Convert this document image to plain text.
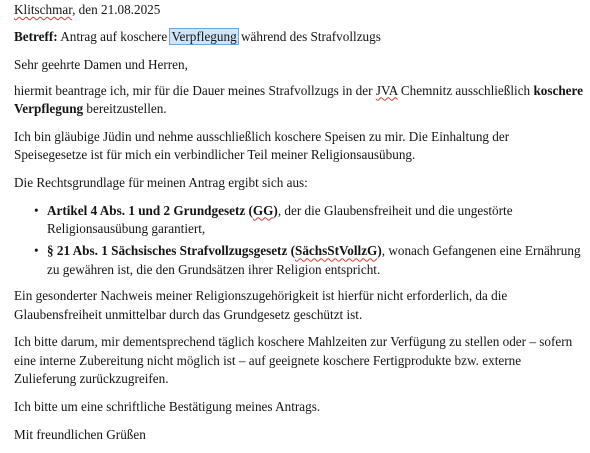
Klitschmar, den 21.08.2025

Betreff: Antrag auf koschere Verpflegung während des Strafvollzugs

Sehr geehrte Damen und Herren,

hiermit beantrage ich, mir für die Dauer meines Strafvollzugs in der JVA Chemnitz ausschließlich koschere Verpflegung bereitzustellen.

Ich bin gläubige Jüdin und nehme ausschließlich koschere Speisen zu mir. Die Einhaltung der Speisegesetze ist für mich ein verbindlicher Teil meiner Religionsausübung.

Die Rechtsgrundlage für meinen Antrag ergibt sich aus:

• Artikel 4 Abs. 1 und 2 Grundgesetz (GG), der die Glaubensfreiheit und die ungestörte Religionsausübung garantiert,
• § 21 Abs. 1 Sächsisches Strafvollzugsgesetz (SächsStVollzG), wonach Gefangenen eine Ernährung zu gewähren ist, die den Grundsätzen ihrer Religion entspricht.

Ein gesonderter Nachweis meiner Religionszugehörigkeit ist hierfür nicht erforderlich, da die Glaubensfreiheit unmittelbar durch das Grundgesetz geschützt ist.

Ich bitte darum, mir dementsprechend täglich koschere Mahlzeiten zur Verfügung zu stellen oder – sofern eine interne Zubereitung nicht möglich ist – auf geeignete koschere Fertigprodukte bzw. externe Zulieferung zurückzugreifen.

Ich bitte um eine schriftliche Bestätigung meines Antrags.

Mit freundlichen Grüßen
